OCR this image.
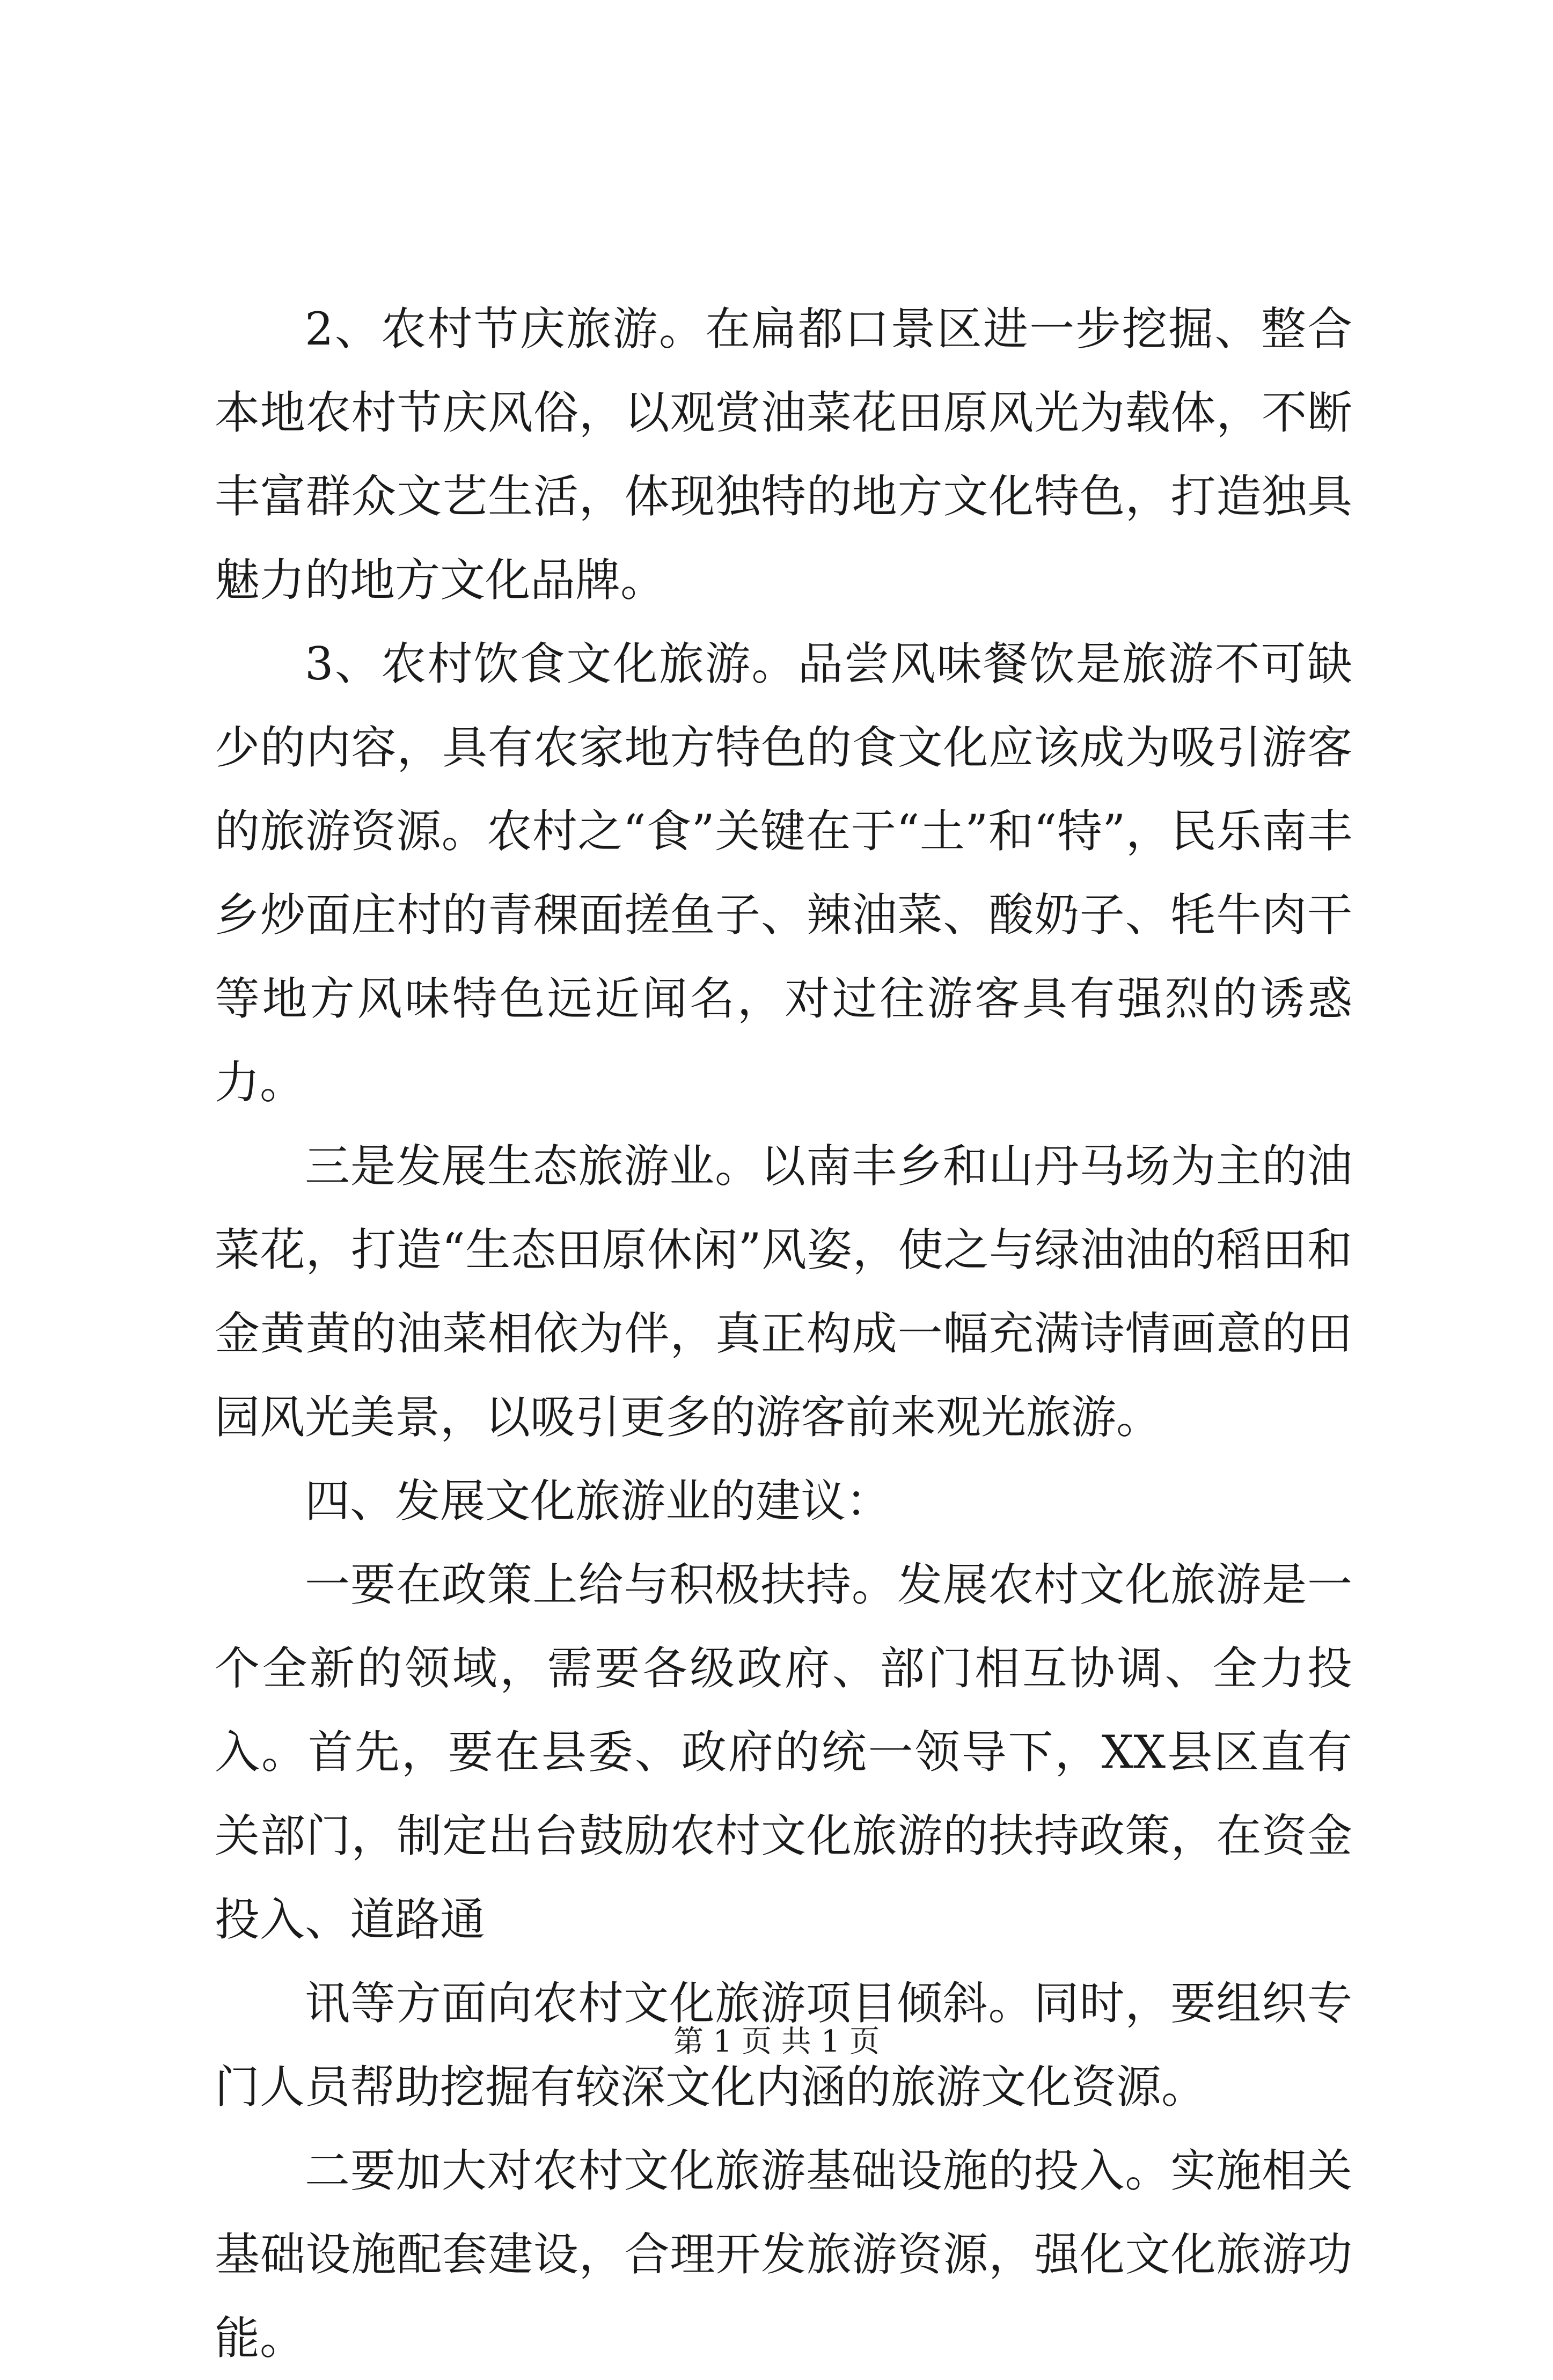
2、农村节庆旅游。在扁都口景区进一步挖掘、整合本地农村节庆风俗，以观赏油菜花田原风光为载体，不断丰富群众文艺生活，体现独特的地方文化特色，打造独具魅力的地方文化品牌。

3、农村饮食文化旅游。品尝风味餐饮是旅游不可缺少的内容，具有农家地方特色的食文化应该成为吸引游客的旅游资源。农村之“食”关键在于“土”和“特”，民乐南丰乡炒面庄村的青稞面搓鱼子、辣油菜、酸奶子、牦牛肉干等地方风味特色远近闻名，对过往游客具有强烈的诱惑力。

三是发展生态旅游业。以南丰乡和山丹马场为主的油菜花，打造“生态田原休闲”风姿，使之与绿油油的稻田和金黄黄的油菜相依为伴，真正构成一幅充满诗情画意的田园风光美景，以吸引更多的游客前来观光旅游。

四、发展文化旅游业的建议：

一要在政策上给与积极扶持。发展农村文化旅游是一个全新的领域，需要各级政府、部门相互协调、全力投入。首先，要在县委、政府的统一领导下，XX县区直有关部门，制定出台鼓励农村文化旅游的扶持政策，在资金投入、道路通

讯等方面向农村文化旅游项目倾斜。同时，要组织专门人员帮助挖掘有较深文化内涵的旅游文化资源。

二要加大对农村文化旅游基础设施的投入。实施相关基础设施配套建设，合理开发旅游资源，强化文化旅游功能。

第 1 页 共 1 页
